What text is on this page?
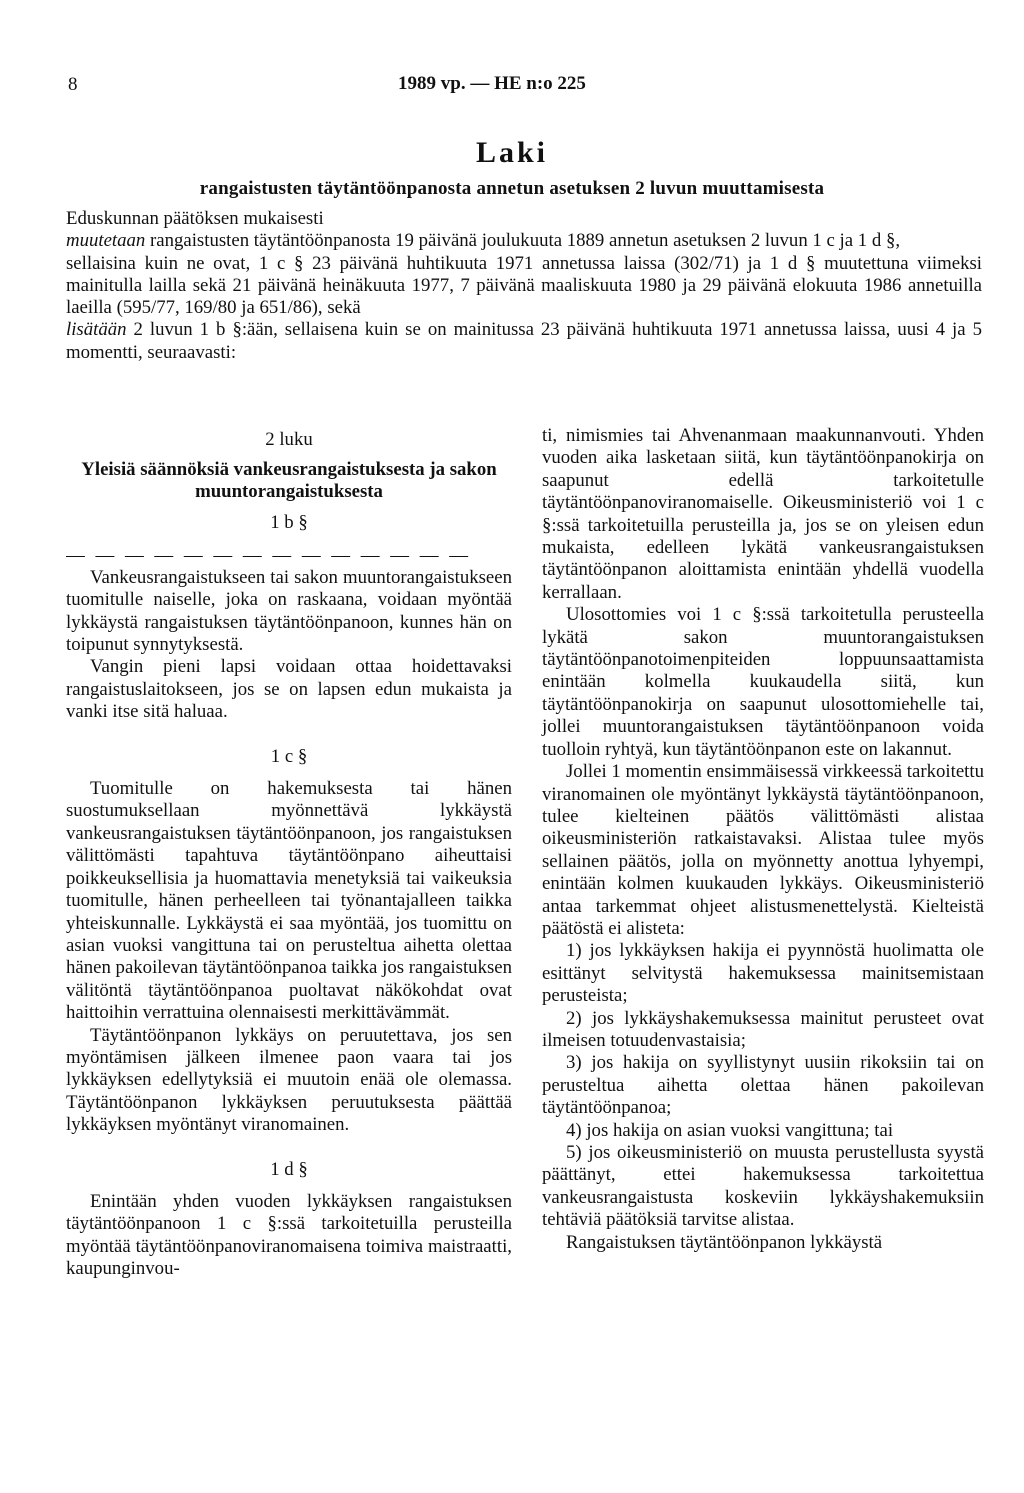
8	1989 vp. — HE n:o 225
Laki
rangaistusten täytäntöönpanosta annetun asetuksen 2 luvun muuttamisesta

Eduskunnan päätöksen mukaisesti

muutetaan rangaistusten täytäntöönpanosta 19 päivänä joulukuuta 1889 annetun asetuksen 2 luvun 1 c ja 1 d §,

sellaisina kuin ne ovat, 1 c § 23 päivänä huhtikuuta 1971 annetussa laissa (302/71) ja 1 d § muutettuna viimeksi mainitulla lailla sekä 21 päivänä heinäkuuta 1977, 7 päivänä maaliskuuta 1980 ja 29 päivänä elokuuta 1986 annetuilla laeilla (595/77, 169/80 ja 651/86), sekä

lisätään 2 luvun 1 b §:ään, sellaisena kuin se on mainitussa 23 päivänä huhtikuuta 1971 annetussa laissa, uusi 4 ja 5 momentti, seuraavasti:

2 luku

Yleisiä säännöksiä vankeusrangaistuksesta ja sakon muuntorangaistuksesta

1 b §

— — — — — — — — — — — — — —

Vankeusrangaistukseen tai sakon muuntorangaistukseen tuomitulle naiselle, joka on raskaana, voidaan myöntää lykkäystä rangaistuksen täytäntöönpanoon, kunnes hän on toipunut synnytyksestä.

Vangin pieni lapsi voidaan ottaa hoidettavaksi rangaistuslaitokseen, jos se on lapsen edun mukaista ja vanki itse sitä haluaa.

1 c §

Tuomitulle on hakemuksesta tai hänen suostumuksellaan myönnettävä lykkäystä vankeusrangaistuksen täytäntöönpanoon, jos rangaistuksen välittömästi tapahtuva täytäntöönpano aiheuttaisi poikkeuksellisia ja huomattavia menetyksiä tai vaikeuksia tuomitulle, hänen perheelleen tai työnantajalleen taikka yhteiskunnalle. Lykkäystä ei saa myöntää, jos tuomittu on asian vuoksi vangittuna tai on perusteltua aihetta olettaa hänen pakoilevan täytäntöönpanoa taikka jos rangaistuksen välitöntä täytäntöönpanoa puoltavat näkökohdat ovat haittoihin verrattuina olennaisesti merkittävämmät.

Täytäntöönpanon lykkäys on peruutettava, jos sen myöntämisen jälkeen ilmenee paon vaara tai jos lykkäyksen edellytyksiä ei muutoin enää ole olemassa. Täytäntöönpanon lykkäyksen peruutuksesta päättää lykkäyksen myöntänyt viranomainen.

1 d §

Enintään yhden vuoden lykkäyksen rangaistuksen täytäntöönpanoon 1 c §:ssä tarkoitetuilla perusteilla myöntää täytäntöönpanoviranomaisena toimiva maistraatti, kaupunginvou-

ti, nimismies tai Ahvenanmaan maakunnanvouti. Yhden vuoden aika lasketaan siitä, kun täytäntöönpanokirja on saapunut edellä tarkoitetulle täytäntöönpanoviranomaiselle. Oikeusministeriö voi 1 c §:ssä tarkoitetuilla perusteilla ja, jos se on yleisen edun mukaista, edelleen lykätä vankeusrangaistuksen täytäntöönpanon aloittamista enintään yhdellä vuodella kerrallaan.

Ulosottomies voi 1 c §:ssä tarkoitetulla perusteella lykätä sakon muuntorangaistuksen täytäntöönpanotoimenpiteiden loppuunsaattamista enintään kolmella kuukaudella siitä, kun täytäntöönpanokirja on saapunut ulosottomiehelle tai, jollei muuntorangaistuksen täytäntöönpanoon voida tuolloin ryhtyä, kun täytäntöönpanon este on lakannut.

Jollei 1 momentin ensimmäisessä virkkeessä tarkoitettu viranomainen ole myöntänyt lykkäystä täytäntöönpanoon, tulee kielteinen päätös välittömästi alistaa oikeusministeriön ratkaistavaksi. Alistaa tulee myös sellainen päätös, jolla on myönnetty anottua lyhyempi, enintään kolmen kuukauden lykkäys. Oikeusministeriö antaa tarkemmat ohjeet alistusmenettelystä. Kielteistä päätöstä ei alisteta:

1) jos lykkäyksen hakija ei pyynnöstä huolimatta ole esittänyt selvitystä hakemuksessa mainitsemistaan perusteista;

2) jos lykkäyshakemuksessa mainitut perusteet ovat ilmeisen totuudenvastaisia;

3) jos hakija on syyllistynyt uusiin rikoksiin tai on perusteltua aihetta olettaa hänen pakoilevan täytäntöönpanoa;

4) jos hakija on asian vuoksi vangittuna; tai

5) jos oikeusministeriö on muusta perustellusta syystä päättänyt, ettei hakemuksessa tarkoitettua vankeusrangaistusta koskeviin lykkäyshakemuksiin tehtäviä päätöksiä tarvitse alistaa.

Rangaistuksen täytäntöönpanon lykkäystä
